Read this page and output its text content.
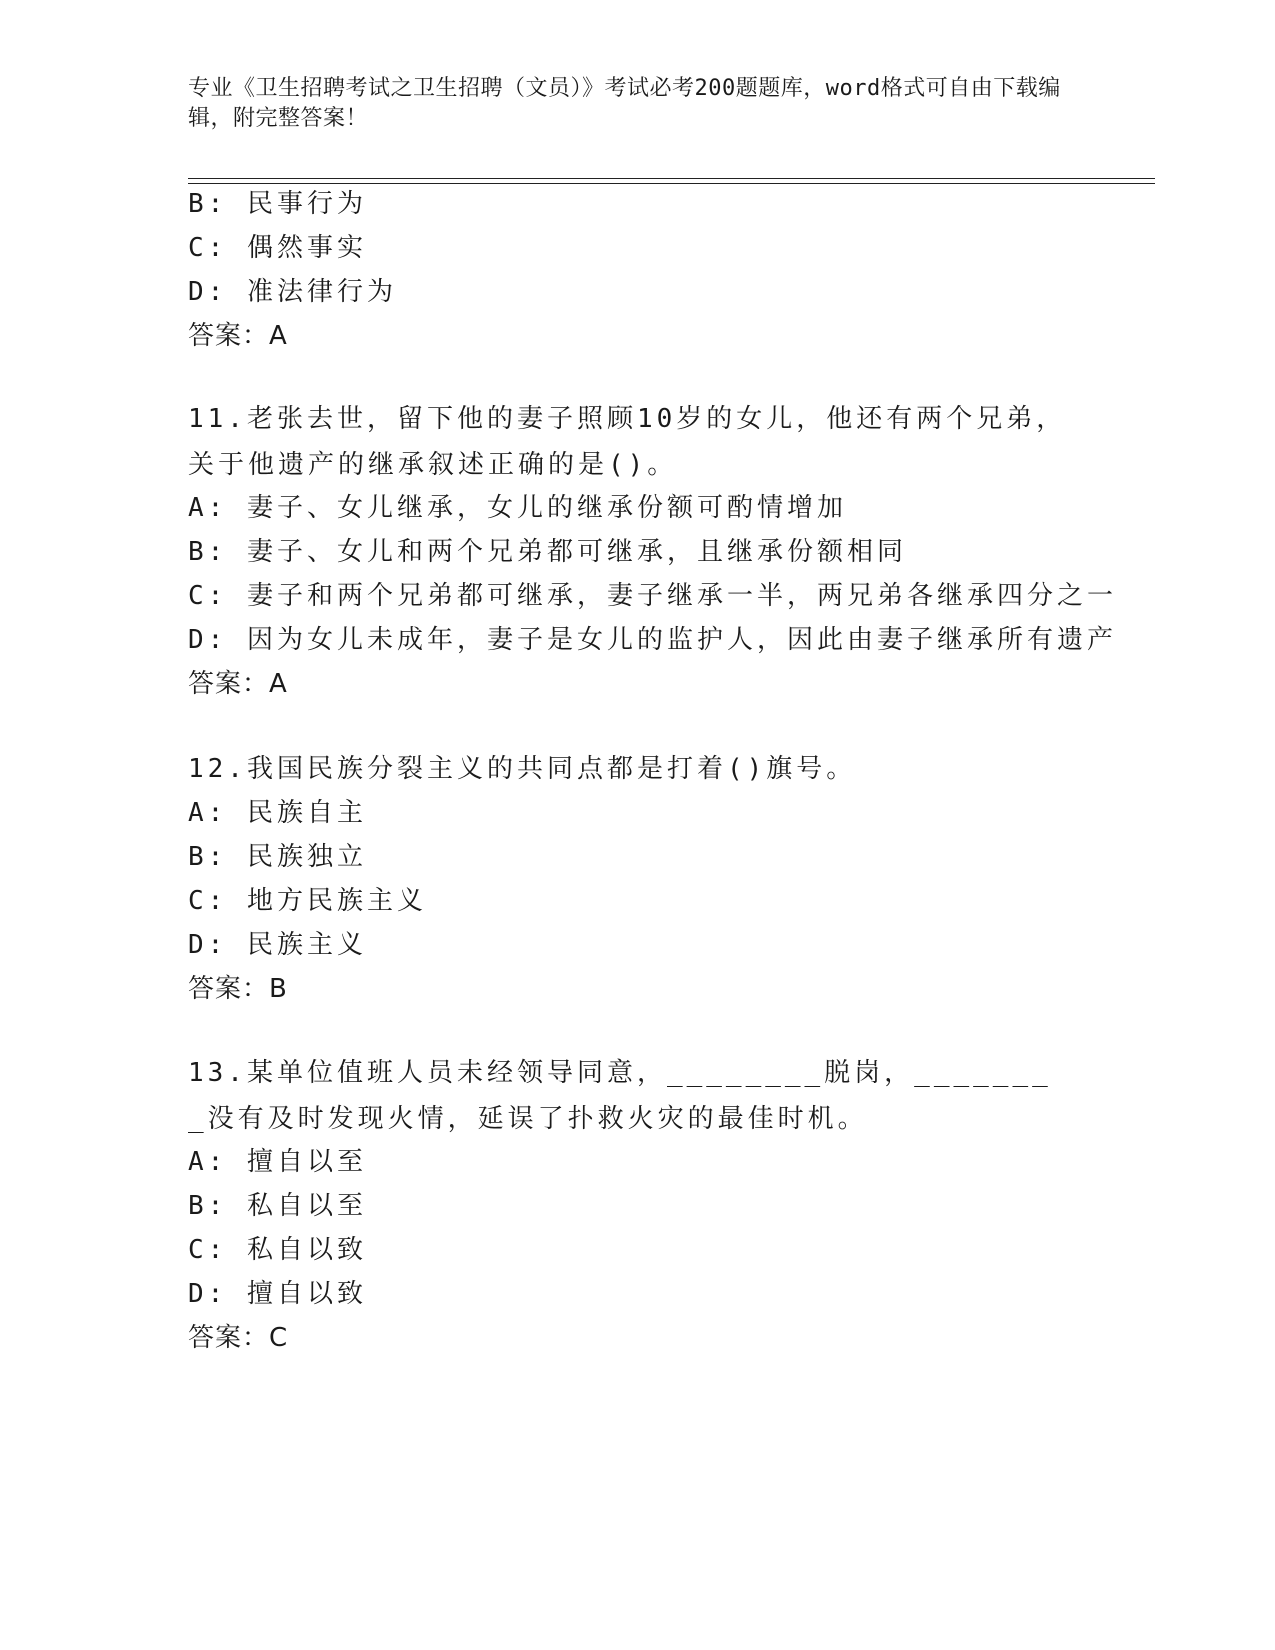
专业《卫生招聘考试之卫生招聘（文员）》考试必考200题题库，word格式可自由下载编辑，附完整答案！
B: 民事行为
C: 偶然事实
D: 准法律行为
答案：A
11.老张去世，留下他的妻子照顾10岁的女儿，他还有两个兄弟，关于他遗产的继承叙述正确的是()。
A: 妻子、女儿继承，女儿的继承份额可酌情增加
B: 妻子、女儿和两个兄弟都可继承，且继承份额相同
C: 妻子和两个兄弟都可继承，妻子继承一半，两兄弟各继承四分之一
D: 因为女儿未成年，妻子是女儿的监护人，因此由妻子继承所有遗产
答案：A
12.我国民族分裂主义的共同点都是打着()旗号。
A: 民族自主
B: 民族独立
C: 地方民族主义
D: 民族主义
答案：B
13.某单位值班人员未经领导同意，________脱岗，________没有及时发现火情，延误了扑救火灾的最佳时机。
A: 擅自以至
B: 私自以至
C: 私自以致
D: 擅自以致
答案：C
